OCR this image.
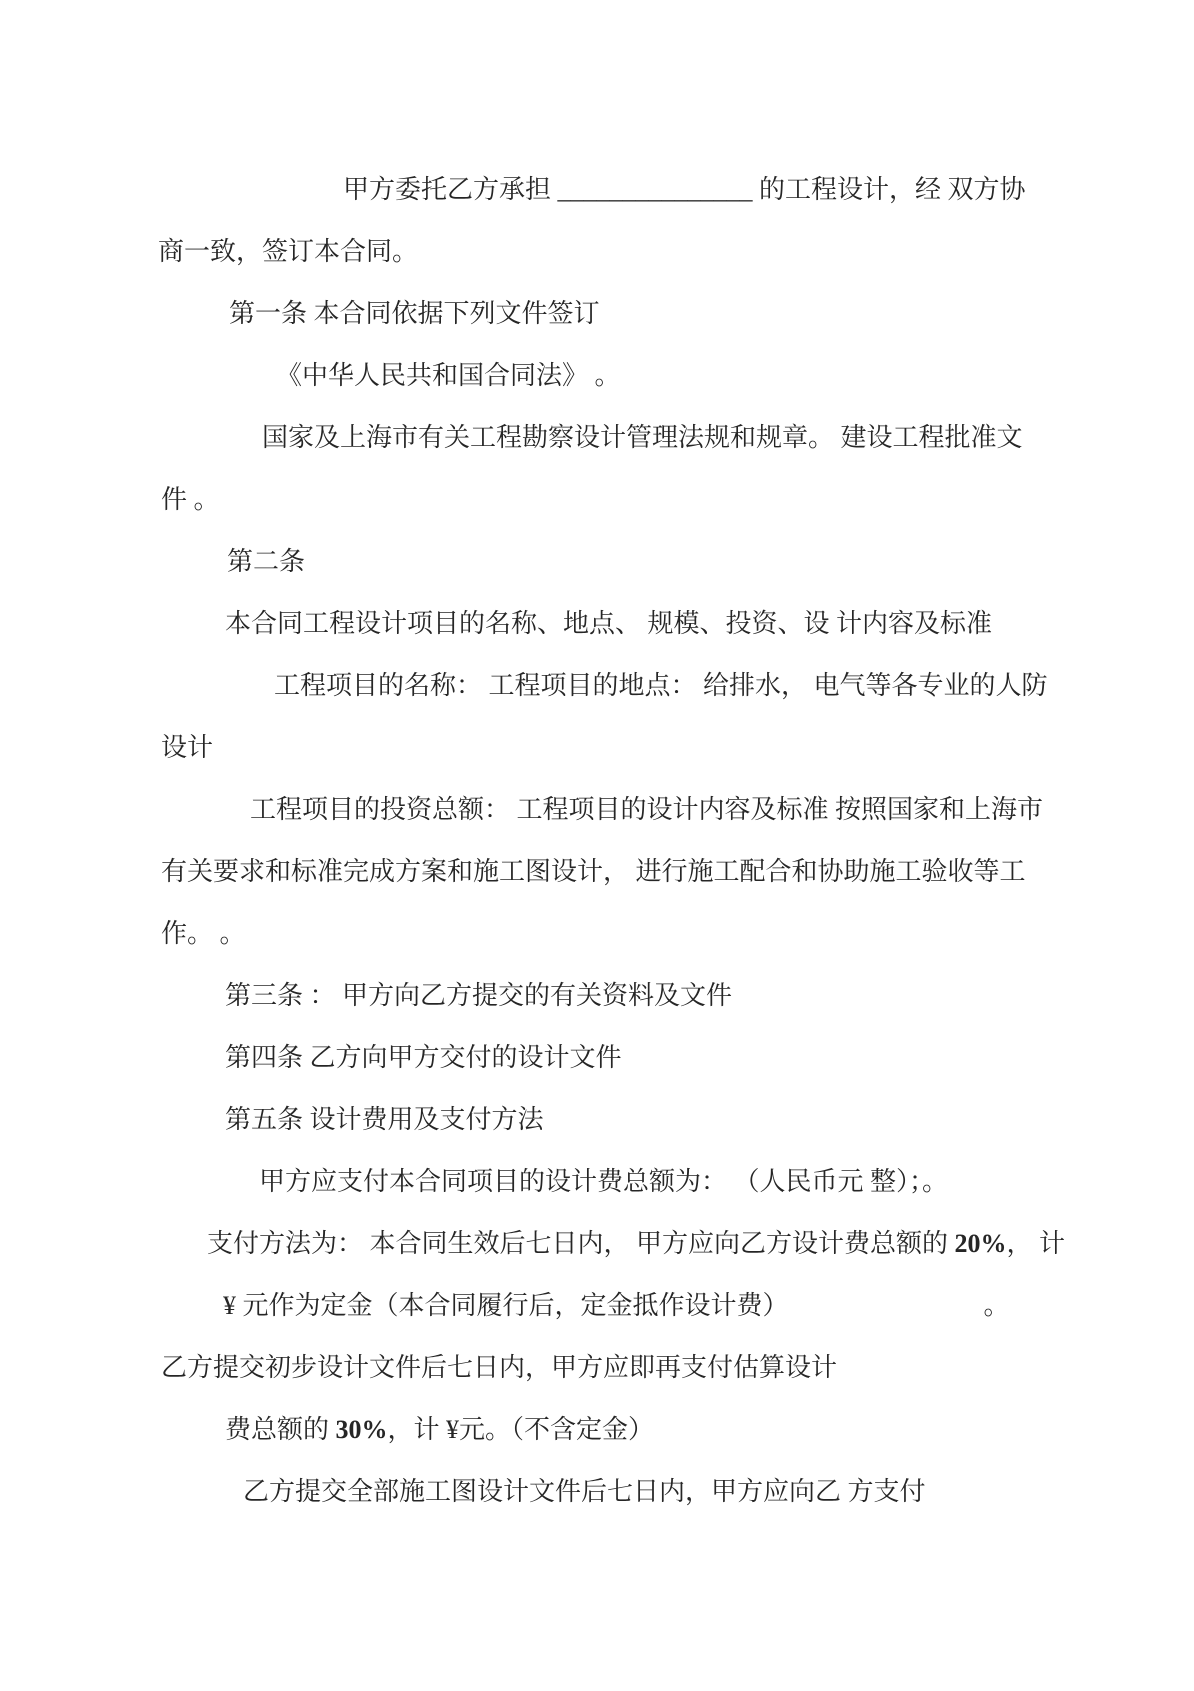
甲方委托乙方承担 _______________ 的工程设计，经 双方协
商一致，签订本合同。
第一条 本合同依据下列文件签订
《中华人民共和国合同法》 。
国家及上海市有关工程勘察设计管理法规和规章。 建设工程批准文
件 。
第二条
本合同工程设计项目的名称、地点、 规模、投资、设 计内容及标准
工程项目的名称： 工程项目的地点： 给排水， 电气等各专业的人防
设计
工程项目的投资总额： 工程项目的设计内容及标准 按照国家和上海市
有关要求和标准完成方案和施工图设计， 进行施工配合和协助施工验收等工
作。 。
第三条 ： 甲方向乙方提交的有关资料及文件
第四条 乙方向甲方交付的设计文件
第五条 设计费用及支付方法
甲方应支付本合同项目的设计费总额为： （人民币元 整）；。
支付方法为： 本合同生效后七日内， 甲方应向乙方设计费总额的 20%， 计
¥ 元作为定金（本合同履行后，定金抵作设计费）　　　　　　　　	。
乙方提交初步设计文件后七日内，甲方应即再支付估算设计
费总额的 30%，计 ¥元。（不含定金）
乙方提交全部施工图设计文件后七日内，甲方应向乙 方支付
